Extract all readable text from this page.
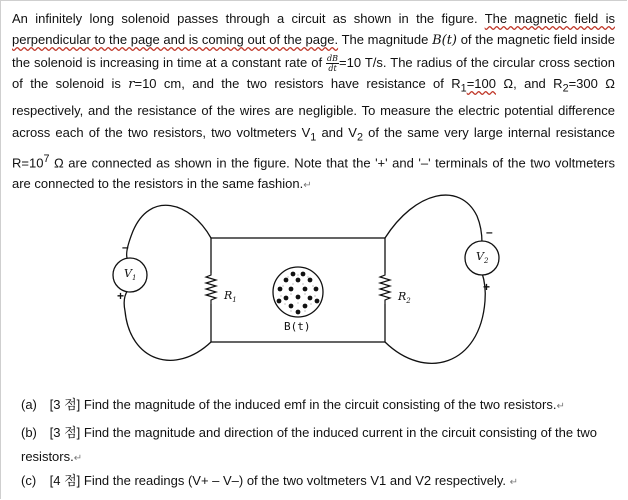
An infinitely long solenoid passes through a circuit as shown in the figure. The magnetic field is perpendicular to the page and is coming out of the page. The magnitude B(t) of the magnetic field inside the solenoid is increasing in time at a constant rate of $\frac{dB}{dt} =10$ T/s. The radius of the circular cross section of the solenoid is r=10 cm, and the two resistors have resistance of $R_1=100$ Ω, and $R_2=300$ Ω respectively, and the resistance of the wires are negligible. To measure the electric potential difference across each of the two resistors, two voltmeters $V_1$ and $V_2$ of the same very large internal resistance $R=10^7$ Ω are connected as shown in the figure. Note that the '+' and '–' terminals of the two voltmeters are connected to the resistors in the same fashion.↵

$V_1$
$V_2$
$R_1$	$R_2$
B(t)
–
+
–
+
(a) [3 점] Find the magnitude of the induced emf in the circuit consisting of the two resistors.↵
(b) [3 점] Find the magnitude and direction of the induced current in the circuit consisting of the two resistors.↵
(c) [4 점] Find the readings (V+ – V–) of the two voltmeters V1 and V2 respectively. ↵
